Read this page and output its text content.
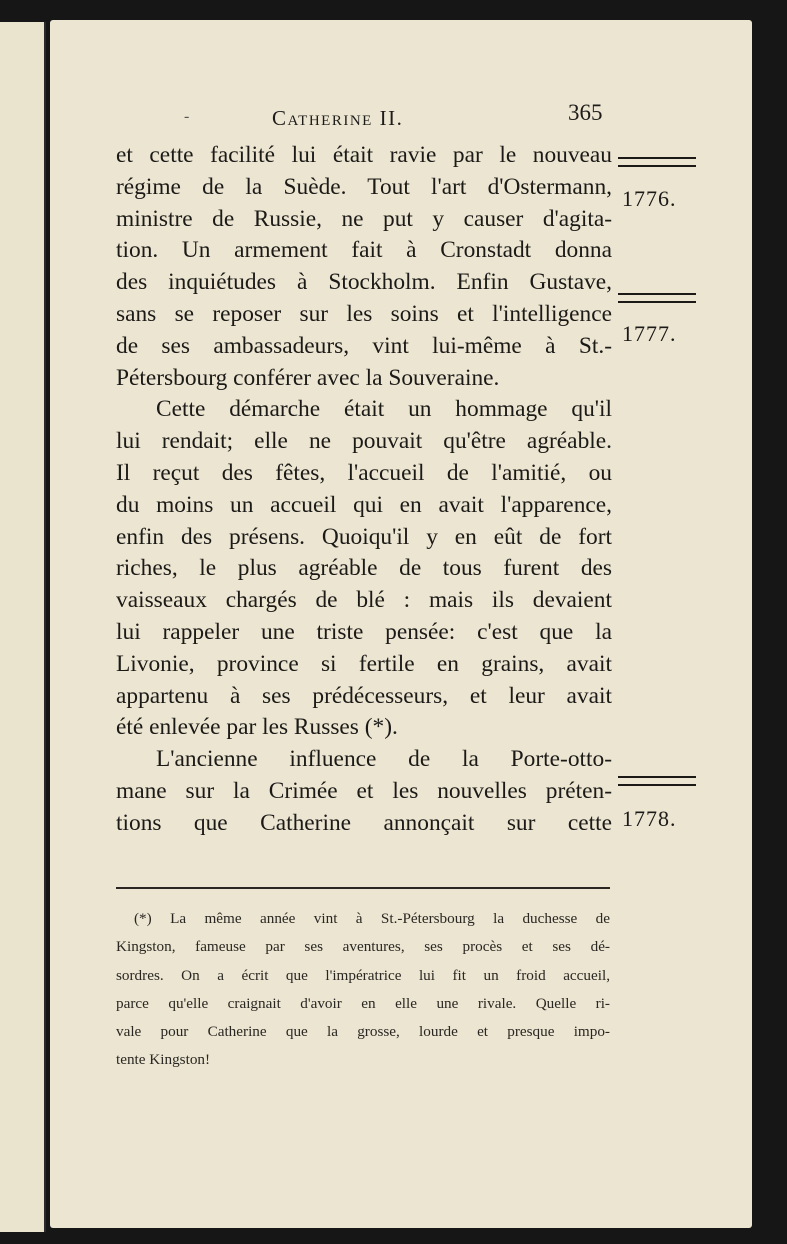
-	Catherine II.	365
et cette facilité lui était ravie par le nouveau
régime de la Suède. Tout l'art d'Ostermann,
ministre de Russie, ne put y causer d'agita-
tion. Un armement fait à Cronstadt donna
des inquiétudes à Stockholm. Enfin Gustave,
sans se reposer sur les soins et l'intelligence
de ses ambassadeurs, vint lui-même à St.-
Pétersbourg conférer avec la Souveraine.
Cette démarche était un hommage qu'il
lui rendait; elle ne pouvait qu'être agréable.
Il reçut des fêtes, l'accueil de l'amitié, ou
du moins un accueil qui en avait l'apparence,
enfin des présens. Quoiqu'il y en eût de fort
riches, le plus agréable de tous furent des
vaisseaux chargés de blé : mais ils devaient
lui rappeler une triste pensée: c'est que la
Livonie, province si fertile en grains, avait
appartenu à ses prédécesseurs, et leur avait
été enlevée par les Russes (*).
L'ancienne influence de la Porte-otto-
mane sur la Crimée et les nouvelles préten-
tions que Catherine annonçait sur cette
1776.
1777.
1778.
(*) La même année vint à St.-Pétersbourg la duchesse de
Kingston, fameuse par ses aventures, ses procès et ses dé-
sordres. On a écrit que l'impératrice lui fit un froid accueil,
parce qu'elle craignait d'avoir en elle une rivale. Quelle ri-
vale pour Catherine que la grosse, lourde et presque impo-
tente Kingston!
